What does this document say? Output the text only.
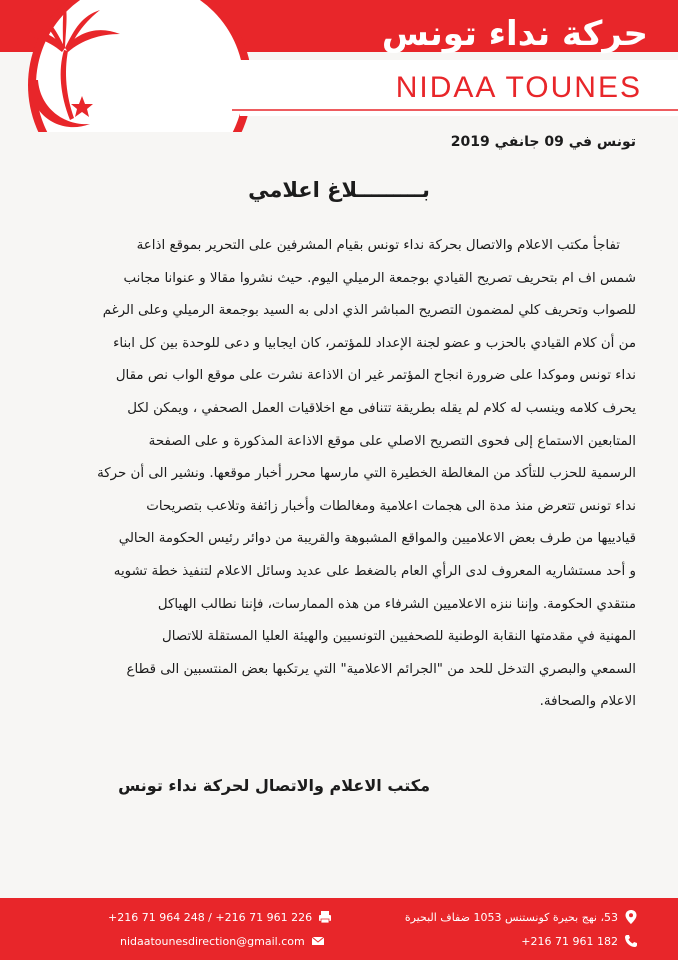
حركة نداء تونس
NIDAA TOUNES
تونس في 09 جانفي 2019
بـــــــــلاغ اعلامي
تفاجأ مكتب الاعلام والاتصال بحركة نداء تونس بقيام المشرفين على التحرير بموقع اذاعة
شمس اف ام بتحريف تصريح القيادي بوجمعة الرميلي اليوم. حيث نشروا مقالا و عنوانا مجانب
للصواب وتحريف كلي لمضمون التصريح المباشر الذي ادلى به السيد بوجمعة الرميلي وعلى الرغم
من أن كلام القيادي بالحزب و عضو لجنة الإعداد للمؤتمر، كان ايجابيا و دعى للوحدة بين كل ابناء
نداء تونس وموكدا على ضرورة انجاح المؤتمر غير ان الاذاعة نشرت على موقع الواب نص مقال
يحرف كلامه وينسب له كلام لم يقله بطريقة تتنافى مع اخلاقيات العمل الصحفي ، ويمكن لكل
المتابعين الاستماع إلى فحوى التصريح الاصلي على موقع الاذاعة المذكورة و على الصفحة
الرسمية للحزب للتأكد من المغالطة الخطيرة التي مارسها محرر أخبار موقعها. ونشير الى أن حركة
نداء تونس تتعرض منذ مدة الى هجمات اعلامية ومغالطات وأخبار زائفة وتلاعب بتصريحات
قيادييها من طرف بعض الاعلاميين والمواقع المشبوهة والقريبة من دوائر رئيس الحكومة الحالي
و أحد مستشاريه المعروف لدى الرأي العام بالضغط على عديد وسائل الاعلام لتنفيذ خطة تشويه
منتقدي الحكومة. وإننا ننزه الاعلاميين الشرفاء من هذه الممارسات، فإننا نطالب الهياكل
المهنية في مقدمتها النقابة الوطنية للصحفيين التونسيين والهيئة العليا المستقلة للاتصال
السمعي والبصري التدخل للحد من "الجرائم الاعلامية" التي يرتكبها بعض المنتسبين الى قطاع
الاعلام والصحافة.
مكتب الاعلام والاتصال لحركة نداء تونس
53، نهج بحيرة كونستنس 1053 ضفاف البحيرة
+216 71 961 182
+216 71 964 248 / +216 71 961 226
nidaatounesdirection@gmail.com
